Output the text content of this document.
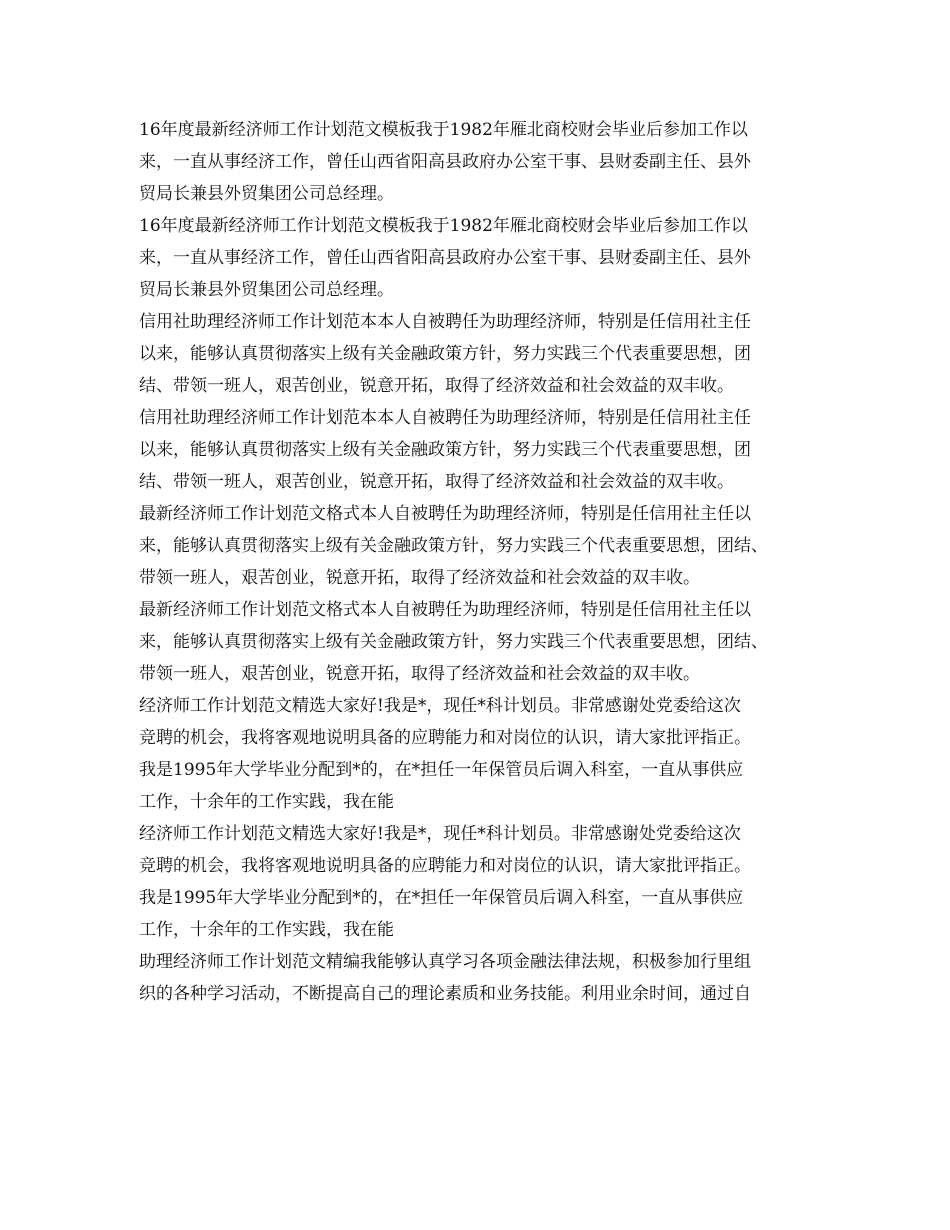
16年度最新经济师工作计划范文模板我于1982年雁北商校财会毕业后参加工作以
来，一直从事经济工作，曾任山西省阳高县政府办公室干事、县财委副主任、县外
贸局长兼县外贸集团公司总经理。
16年度最新经济师工作计划范文模板我于1982年雁北商校财会毕业后参加工作以
来，一直从事经济工作，曾任山西省阳高县政府办公室干事、县财委副主任、县外
贸局长兼县外贸集团公司总经理。
信用社助理经济师工作计划范本本人自被聘任为助理经济师，特别是任信用社主任
以来，能够认真贯彻落实上级有关金融政策方针，努力实践三个代表重要思想，团
结、带领一班人，艰苦创业，锐意开拓，取得了经济效益和社会效益的双丰收。
信用社助理经济师工作计划范本本人自被聘任为助理经济师，特别是任信用社主任
以来，能够认真贯彻落实上级有关金融政策方针，努力实践三个代表重要思想，团
结、带领一班人，艰苦创业，锐意开拓，取得了经济效益和社会效益的双丰收。
最新经济师工作计划范文格式本人自被聘任为助理经济师，特别是任信用社主任以
来，能够认真贯彻落实上级有关金融政策方针，努力实践三个代表重要思想，团结、
带领一班人，艰苦创业，锐意开拓，取得了经济效益和社会效益的双丰收。
最新经济师工作计划范文格式本人自被聘任为助理经济师，特别是任信用社主任以
来，能够认真贯彻落实上级有关金融政策方针，努力实践三个代表重要思想，团结、
带领一班人，艰苦创业，锐意开拓，取得了经济效益和社会效益的双丰收。
经济师工作计划范文精选大家好!我是*，现任*科计划员。非常感谢处党委给这次
竞聘的机会，我将客观地说明具备的应聘能力和对岗位的认识，请大家批评指正。
我是1995年大学毕业分配到*的，在*担任一年保管员后调入科室，一直从事供应
工作，十余年的工作实践，我在能
经济师工作计划范文精选大家好!我是*，现任*科计划员。非常感谢处党委给这次
竞聘的机会，我将客观地说明具备的应聘能力和对岗位的认识，请大家批评指正。
我是1995年大学毕业分配到*的，在*担任一年保管员后调入科室，一直从事供应
工作，十余年的工作实践，我在能
助理经济师工作计划范文精编我能够认真学习各项金融法律法规，积极参加行里组
织的各种学习活动，不断提高自己的理论素质和业务技能。利用业余时间，通过自
